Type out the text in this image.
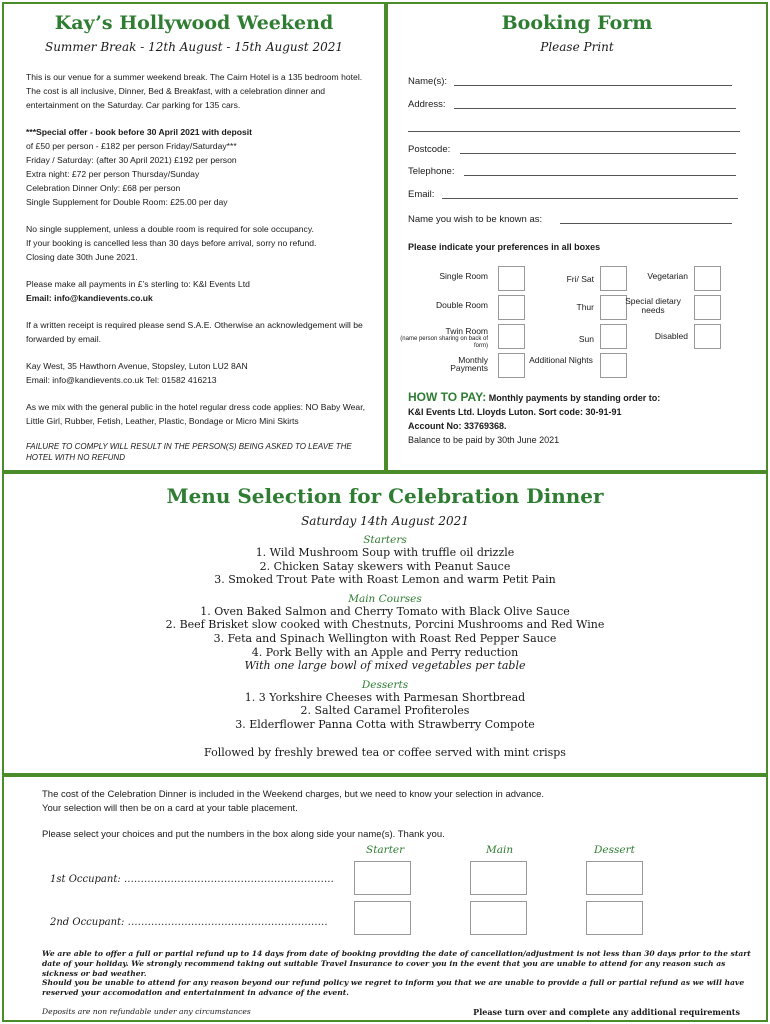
Kay’s Hollywood Weekend
Summer Break - 12th August - 15th August 2021
This is our venue for a summer weekend break. The Cairn Hotel is a 135 bedroom hotel. The cost is all inclusive, Dinner, Bed & Breakfast, with a celebration dinner and entertainment on the Saturday. Car parking for 135 cars.
***Special offer - book before 30 April 2021 with deposit
of £50 per person - £182 per person Friday/Saturday***
Friday / Saturday: (after 30 April 2021) £192 per person
Extra night: £72 per person Thursday/Sunday
Celebration Dinner Only: £68 per person
Single Supplement for Double Room: £25.00 per day
No single supplement, unless a double room is required for sole occupancy.
If your booking is cancelled less than 30 days before arrival, sorry no refund.
Closing date 30th June 2021.
Please make all payments in £’s sterling to: K&I Events Ltd
Email: info@kandievents.co.uk
If a written receipt is required please send S.A.E. Otherwise an acknowledgement will be forwarded by email.
Kay West, 35 Hawthorn Avenue, Stopsley, Luton LU2 8AN
Email: info@kandievents.co.uk Tel: 01582 416213
As we mix with the general public in the hotel regular dress code applies: NO Baby Wear, Little Girl, Rubber, Fetish, Leather, Plastic, Bondage or Micro Mini Skirts
FAILURE TO COMPLY WILL RESULT IN THE PERSON(S) BEING ASKED TO LEAVE THE HOTEL WITH NO REFUND
Booking Form
Please Print
Name(s):
Address:
Postcode:
Telephone:
Email:
Name you wish to be known as:
Please indicate your preferences in all boxes
Single Room
Double Room
Twin Room
(name person sharing on back of form)
Monthly Payments
Fri/ Sat
Thur
Sun
Additional Nights
Vegetarian
Special dietary needs
Disabled
HOW TO PAY: Monthly payments by standing order to:
K&I Events Ltd. Lloyds Luton. Sort code: 30-91-91
Account No: 33769368.
Balance to be paid by 30th June 2021
Menu Selection for Celebration Dinner
Saturday 14th August 2021
Starters
1. Wild Mushroom Soup with truffle oil drizzle
2. Chicken Satay skewers with Peanut Sauce
3. Smoked Trout Pate with Roast Lemon and warm Petit Pain
Main Courses
1. Oven Baked Salmon and Cherry Tomato with Black Olive Sauce
2. Beef Brisket slow cooked with Chestnuts, Porcini Mushrooms and Red Wine
3. Feta and Spinach Wellington with Roast Red Pepper Sauce
4. Pork Belly with an Apple and Perry reduction
With one large bowl of mixed vegetables per table
Desserts
1. 3 Yorkshire Cheeses with Parmesan Shortbread
2. Salted Caramel Profiteroles
3. Elderflower Panna Cotta with Strawberry Compote
Followed by freshly brewed tea or coffee served with mint crisps
The cost of the Celebration Dinner is included in the Weekend charges, but we need to know your selection in advance.
Your selection will then be on a card at your table placement.
Please select your choices and put the numbers in the box along side your name(s). Thank you.
Starter	Main	Dessert
1st Occupant: ………………………………………………………
2nd Occupant: ……………………………………………………
We are able to offer a full or partial refund up to 14 days from date of booking providing the date of cancellation/adjustment is not less than 30 days prior to the start date of your holiday. We strongly recommend taking out suitable Travel Insurance to cover you in the event that you are unable to attend for any reason such as sickness or bad weather.
Should you be unable to attend for any reason beyond our refund policy we regret to inform you that we are unable to provide a full or partial refund as we will have reserved your accomodation and entertainment in advance of the event.
Deposits are non refundable under any circumstances	Please turn over and complete any additional requirements
